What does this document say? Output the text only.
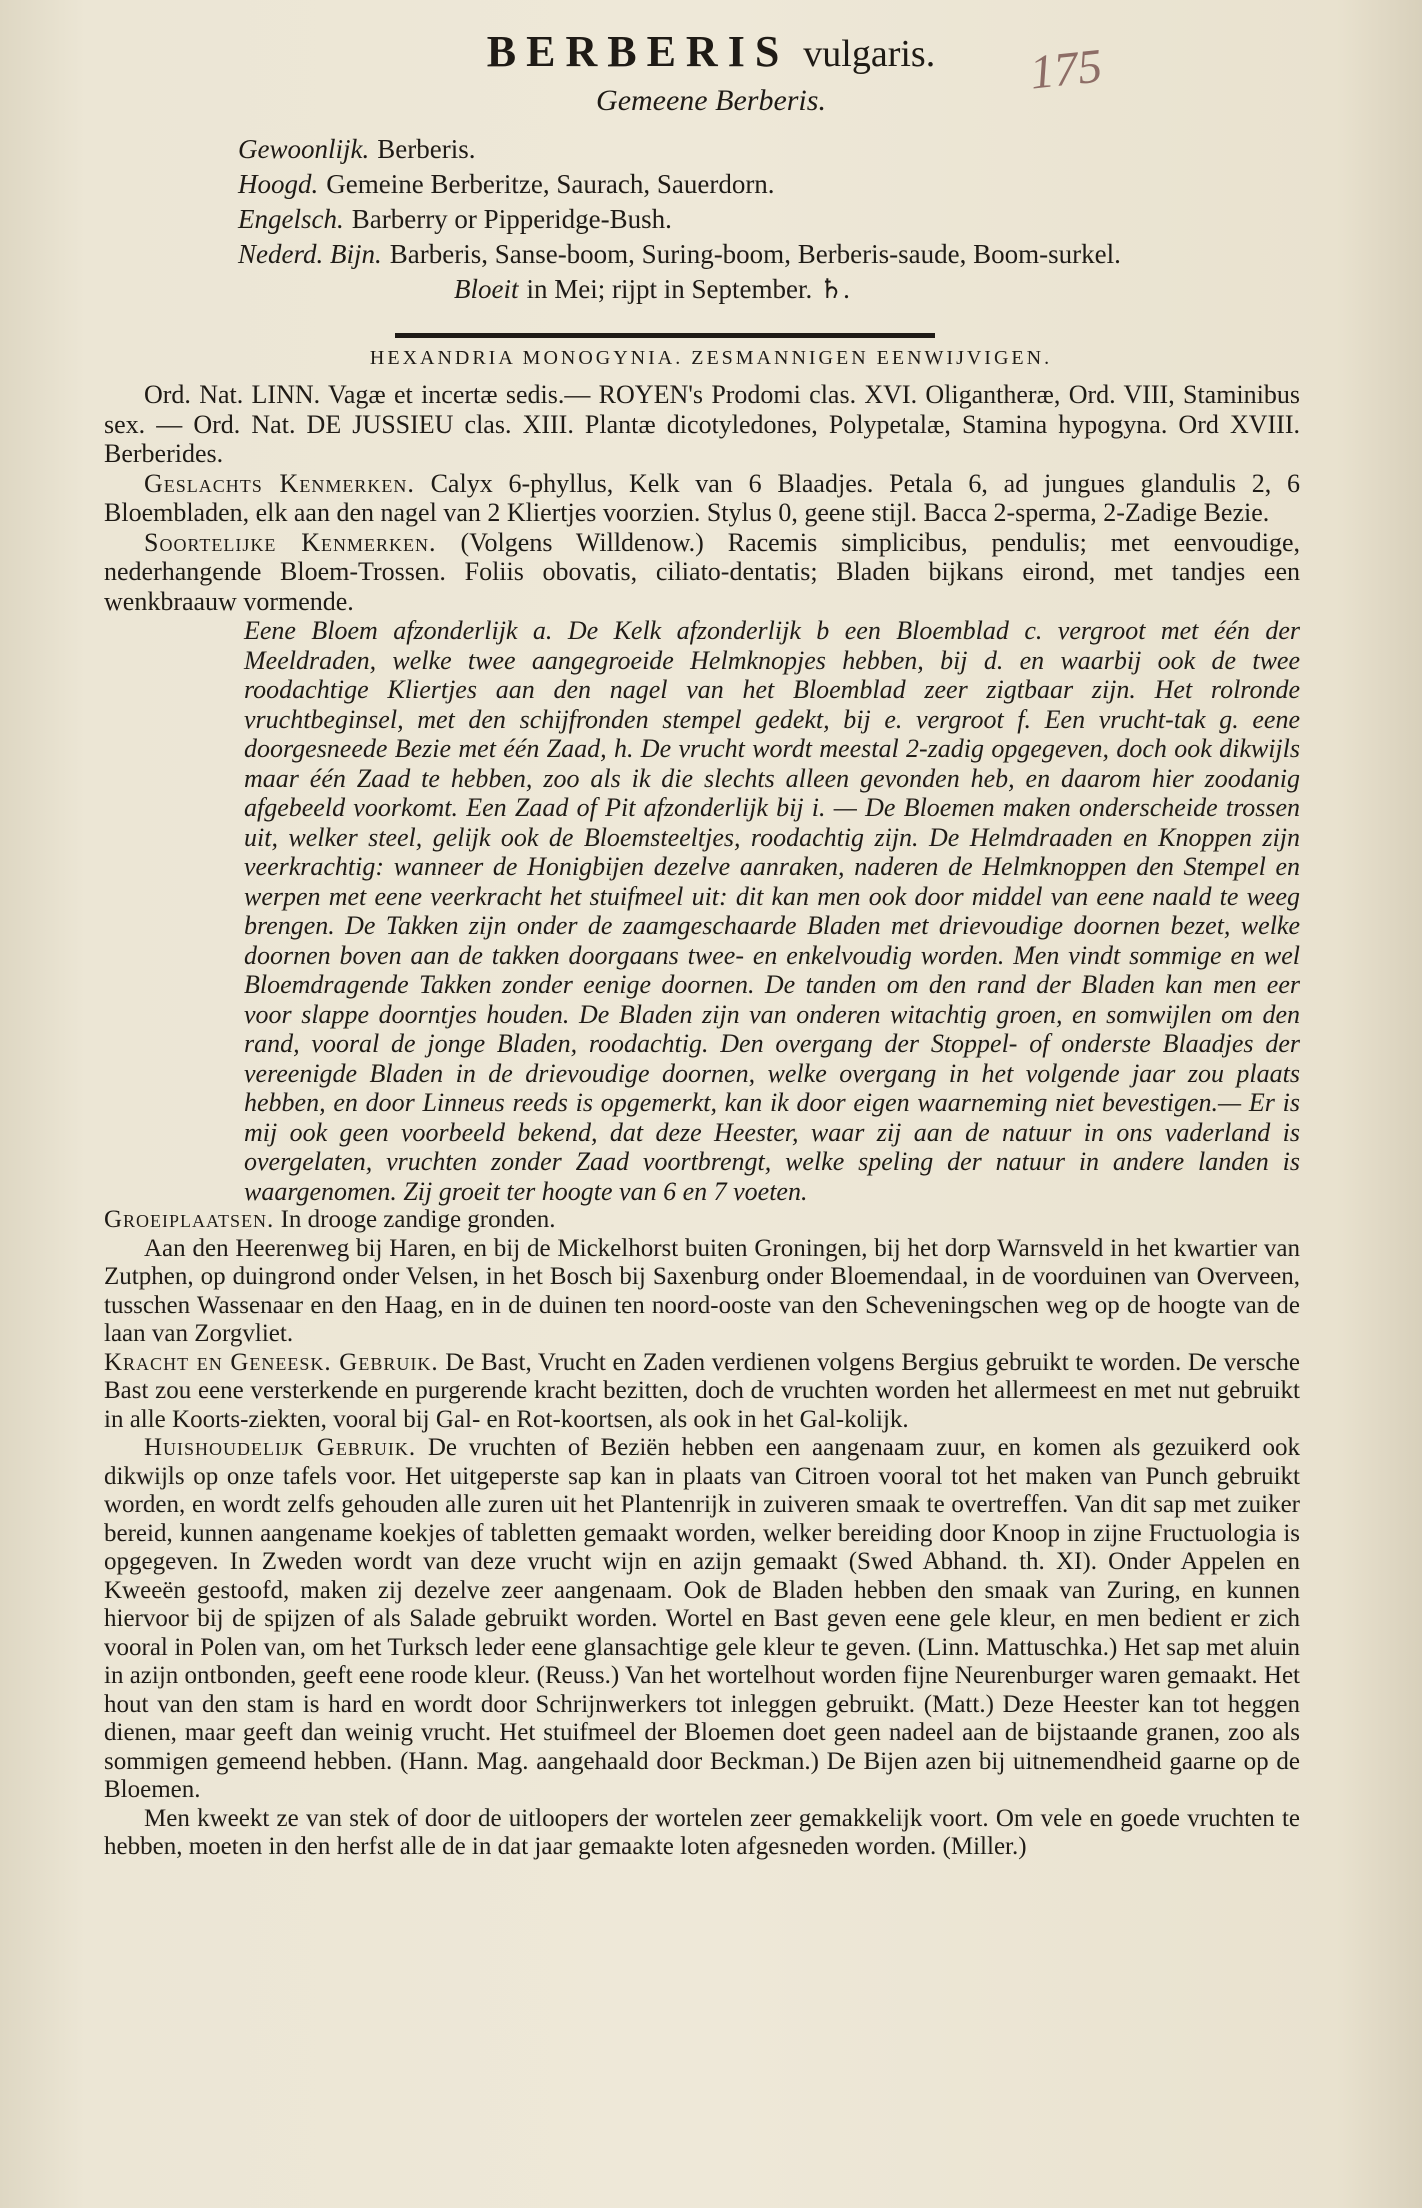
BERBERIS vulgaris.	175
Gemeene Berberis.
Gewoonlijk. Berberis.
Hoogd. Gemeine Berberitze, Saurach, Sauerdorn.
Engelsch. Barberry or Pipperidge-Bush.
Nederd. Bijn. Barberis, Sanse-boom, Suring-boom, Berberis-saude, Boom-surkel.
Bloeit in Mei; rijpt in September. ♄.
HEXANDRIA MONOGYNIA. ZESMANNIGEN EENWIJVIGEN.

Ord. Nat. LINN. Vagæ et incertæ sedis.— ROYEN's Prodomi clas. XVI. Oligantheræ, Ord. VIII, Staminibus sex. — Ord. Nat. DE JUSSIEU clas. XIII. Plantæ dicotyledones, Polypetalæ, Stamina hypogyna. Ord XVIII. Berberides.

Geslachts Kenmerken. Calyx 6-phyllus, Kelk van 6 Blaadjes. Petala 6, ad jungues glandulis 2, 6 Bloembladen, elk aan den nagel van 2 Kliertjes voorzien. Stylus 0, geene stijl. Bacca 2-sperma, 2-Zadige Bezie.

Soortelijke Kenmerken. (Volgens Willdenow.) Racemis simplicibus, pendulis; met eenvoudige, nederhangende Bloem-Trossen. Foliis obovatis, ciliato-dentatis; Bladen bijkans eirond, met tandjes een wenkbraauw vormende.

Eene Bloem afzonderlijk a. De Kelk afzonderlijk b een Bloemblad c. vergroot met één der Meeldraden, welke twee aangegroeide Helmknopjes hebben, bij d. en waarbij ook de twee roodachtige Kliertjes aan den nagel van het Bloemblad zeer zigtbaar zijn. Het rolronde vruchtbeginsel, met den schijfronden stempel gedekt, bij e. vergroot f. Een vrucht-tak g. eene doorgesneede Bezie met één Zaad, h. De vrucht wordt meestal 2-zadig opgegeven, doch ook dikwijls maar één Zaad te hebben, zoo als ik die slechts alleen gevonden heb, en daarom hier zoodanig afgebeeld voorkomt. Een Zaad of Pit afzonderlijk bij i. — De Bloemen maken onderscheide trossen uit, welker steel, gelijk ook de Bloemsteeltjes, roodachtig zijn. De Helmdraaden en Knoppen zijn veerkrachtig: wanneer de Honigbijen dezelve aanraken, naderen de Helmknoppen den Stempel en werpen met eene veerkracht het stuifmeel uit: dit kan men ook door middel van eene naald te weeg brengen. De Takken zijn onder de zaamgeschaarde Bladen met drievoudige doornen bezet, welke doornen boven aan de takken doorgaans twee- en enkelvoudig worden. Men vindt sommige en wel Bloemdragende Takken zonder eenige doornen. De tanden om den rand der Bladen kan men eer voor slappe doorntjes houden. De Bladen zijn van onderen witachtig groen, en somwijlen om den rand, vooral de jonge Bladen, roodachtig. Den overgang der Stoppel- of onderste Blaadjes der vereenigde Bladen in de drievoudige doornen, welke overgang in het volgende jaar zou plaats hebben, en door Linneus reeds is opgemerkt, kan ik door eigen waarneming niet bevestigen.— Er is mij ook geen voorbeeld bekend, dat deze Heester, waar zij aan de natuur in ons vaderland is overgelaten, vruchten zonder Zaad voortbrengt, welke speling der natuur in andere landen is waargenomen. Zij groeit ter hoogte van 6 en 7 voeten.

Groeiplaatsen. In drooge zandige gronden.

Aan den Heerenweg bij Haren, en bij de Mickelhorst buiten Groningen, bij het dorp Warnsveld in het kwartier van Zutphen, op duingrond onder Velsen, in het Bosch bij Saxenburg onder Bloemendaal, in de voorduinen van Overveen, tusschen Wassenaar en den Haag, en in de duinen ten noord-ooste van den Scheveningschen weg op de hoogte van de laan van Zorgvliet.

Kracht en Geneesk. Gebruik. De Bast, Vrucht en Zaden verdienen volgens Bergius gebruikt te worden. De versche Bast zou eene versterkende en purgerende kracht bezitten, doch de vruchten worden het allermeest en met nut gebruikt in alle Koorts-ziekten, vooral bij Gal- en Rot-koortsen, als ook in het Gal-kolijk.

Huishoudelijk Gebruik. De vruchten of Beziën hebben een aangenaam zuur, en komen als gezuikerd ook dikwijls op onze tafels voor. Het uitgeperste sap kan in plaats van Citroen vooral tot het maken van Punch gebruikt worden, en wordt zelfs gehouden alle zuren uit het Plantenrijk in zuiveren smaak te overtreffen. Van dit sap met zuiker bereid, kunnen aangename koekjes of tabletten gemaakt worden, welker bereiding door Knoop in zijne Fructuologia is opgegeven. In Zweden wordt van deze vrucht wijn en azijn gemaakt (Swed Abhand. th. XI). Onder Appelen en Kweeën gestoofd, maken zij dezelve zeer aangenaam. Ook de Bladen hebben den smaak van Zuring, en kunnen hiervoor bij de spijzen of als Salade gebruikt worden. Wortel en Bast geven eene gele kleur, en men bedient er zich vooral in Polen van, om het Turksch leder eene glansachtige gele kleur te geven. (Linn. Mattuschka.) Het sap met aluin in azijn ontbonden, geeft eene roode kleur. (Reuss.) Van het wortelhout worden fijne Neurenburger waren gemaakt. Het hout van den stam is hard en wordt door Schrijnwerkers tot inleggen gebruikt. (Matt.) Deze Heester kan tot heggen dienen, maar geeft dan weinig vrucht. Het stuifmeel der Bloemen doet geen nadeel aan de bijstaande granen, zoo als sommigen gemeend hebben. (Hann. Mag. aangehaald door Beckman.) De Bijen azen bij uitnemendheid gaarne op de Bloemen.

Men kweekt ze van stek of door de uitloopers der wortelen zeer gemakkelijk voort. Om vele en goede vruchten te hebben, moeten in den herfst alle de in dat jaar gemaakte loten afgesneden worden. (Miller.)
